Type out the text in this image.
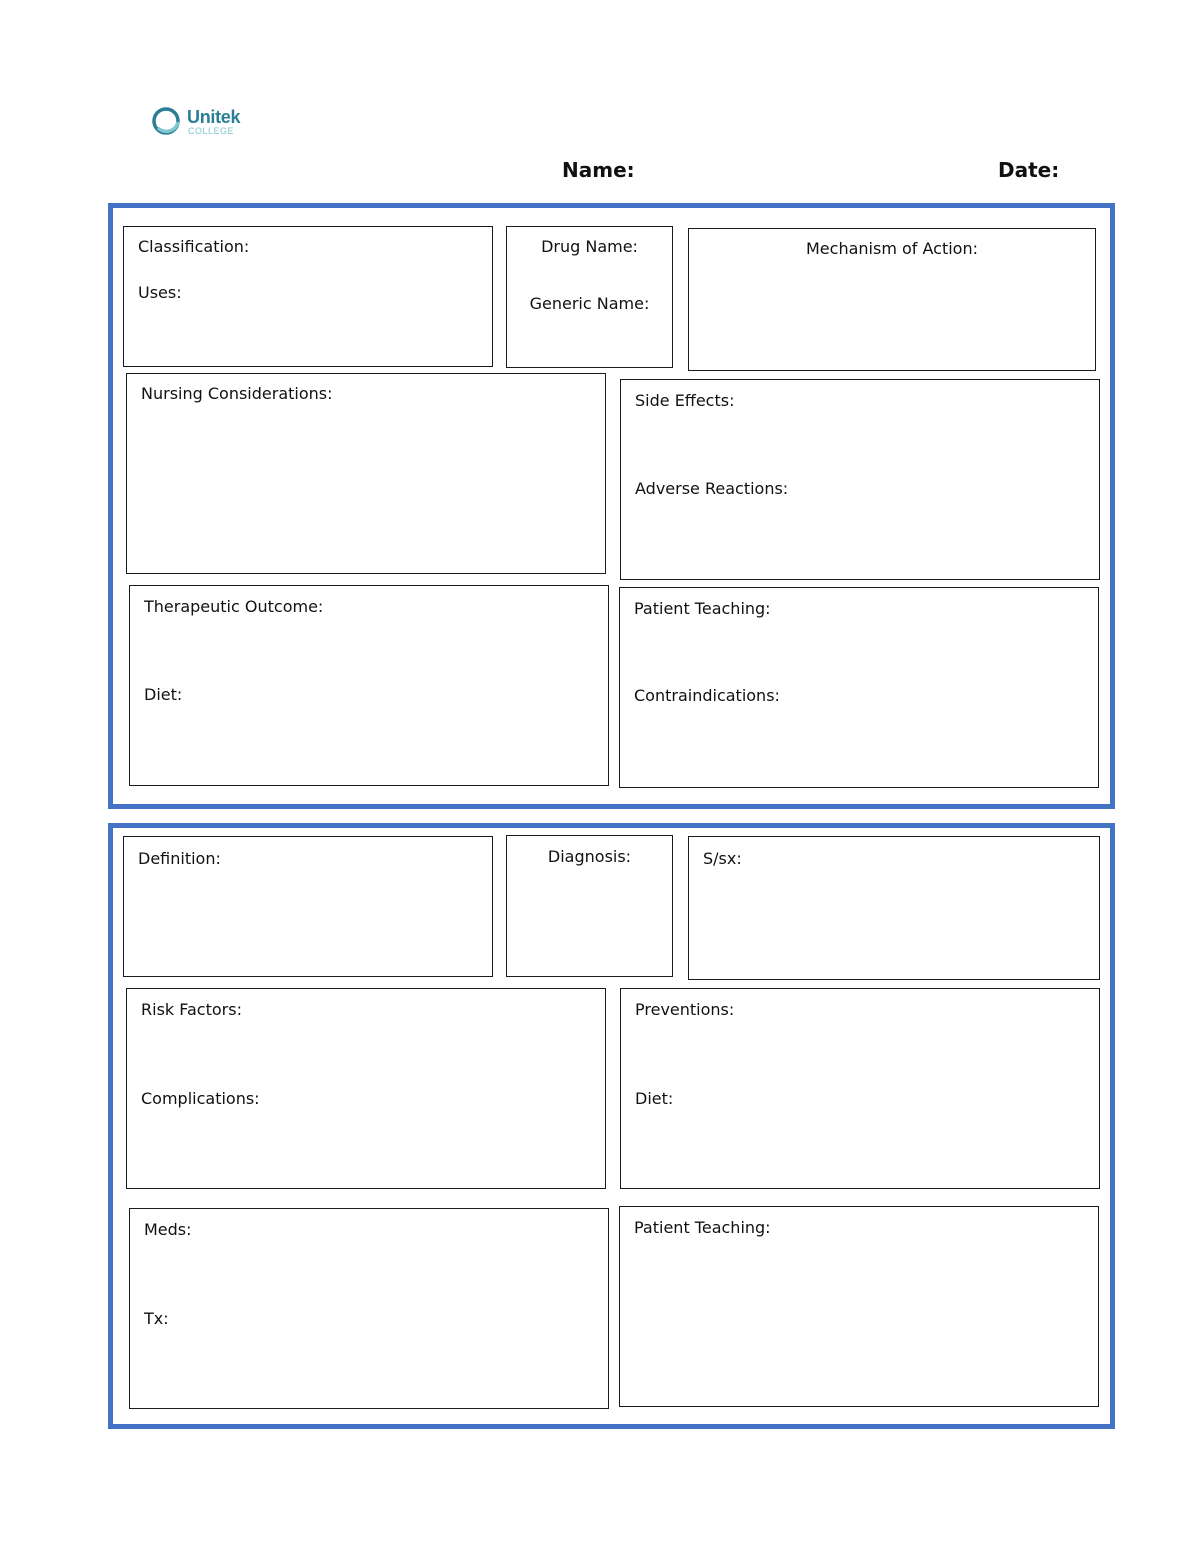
Unitek
COLLEGE
Name:	Date:
Classification:
Uses:
Drug Name:
Generic Name:
Mechanism of Action:
Nursing Considerations:	Side Effects:
Adverse Reactions:
Therapeutic Outcome:
Diet:
Patient Teaching:
Contraindications:
Definition:	Diagnosis:	S/sx:
Risk Factors:
Complications:
Preventions:
Diet:
Meds:
Tx:
Patient Teaching:
